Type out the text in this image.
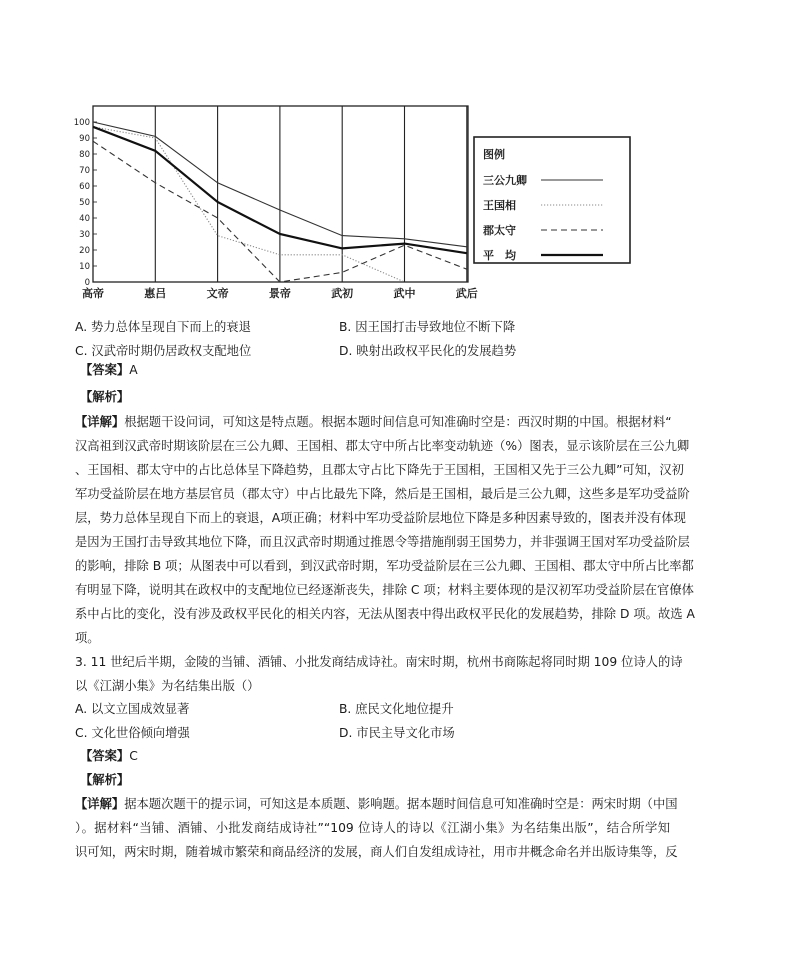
0
10
20
30
40
50
60
70
80
90
100
高帝	惠吕	文帝	景帝	武初	武中	武后
图例
三公九卿
王国相
郡太守
平　均
A. 势力总体呈现自下而上的衰退	B. 因王国打击导致地位不断下降
C. 汉武帝时期仍居政权支配地位	D. 映射出政权平民化的发展趋势
【答案】A
【解析】
【详解】根据题干设问词，可知这是特点题。根据本题时间信息可知准确时空是：西汉时期的中国。根据材料“
汉高祖到汉武帝时期该阶层在三公九卿、王国相、郡太守中所占比率变动轨迹（%）图表，显示该阶层在三公九卿
、王国相、郡太守中的占比总体呈下降趋势，且郡太守占比下降先于王国相，王国相又先于三公九卿”可知，汉初
军功受益阶层在地方基层官员（郡太守）中占比最先下降，然后是王国相，最后是三公九卿，这些多是军功受益阶
层，势力总体呈现自下而上的衰退，A项正确；材料中军功受益阶层地位下降是多种因素导致的，图表并没有体现
是因为王国打击导致其地位下降，而且汉武帝时期通过推恩令等措施削弱王国势力，并非强调王国对军功受益阶层
的影响，排除 B 项；从图表中可以看到，到汉武帝时期，军功受益阶层在三公九卿、王国相、郡太守中所占比率都
有明显下降，说明其在政权中的支配地位已经逐渐丧失，排除 C 项；材料主要体现的是汉初军功受益阶层在官僚体
系中占比的变化，没有涉及政权平民化的相关内容，无法从图表中得出政权平民化的发展趋势，排除 D 项。故选 A
项。
3. 11 世纪后半期，金陵的当铺、酒铺、小批发商结成诗社。南宋时期，杭州书商陈起将同时期 109 位诗人的诗
以《江湖小集》为名结集出版（）
A. 以文立国成效显著	B. 庶民文化地位提升
C. 文化世俗倾向增强	D. 市民主导文化市场
【答案】C
【解析】
【详解】据本题次题干的提示词，可知这是本质题、影响题。据本题时间信息可知准确时空是：两宋时期（中国
）。据材料“当铺、酒铺、小批发商结成诗社”“109 位诗人的诗以《江湖小集》为名结集出版”，结合所学知
识可知，两宋时期，随着城市繁荣和商品经济的发展，商人们自发组成诗社，用市井概念命名并出版诗集等，反
